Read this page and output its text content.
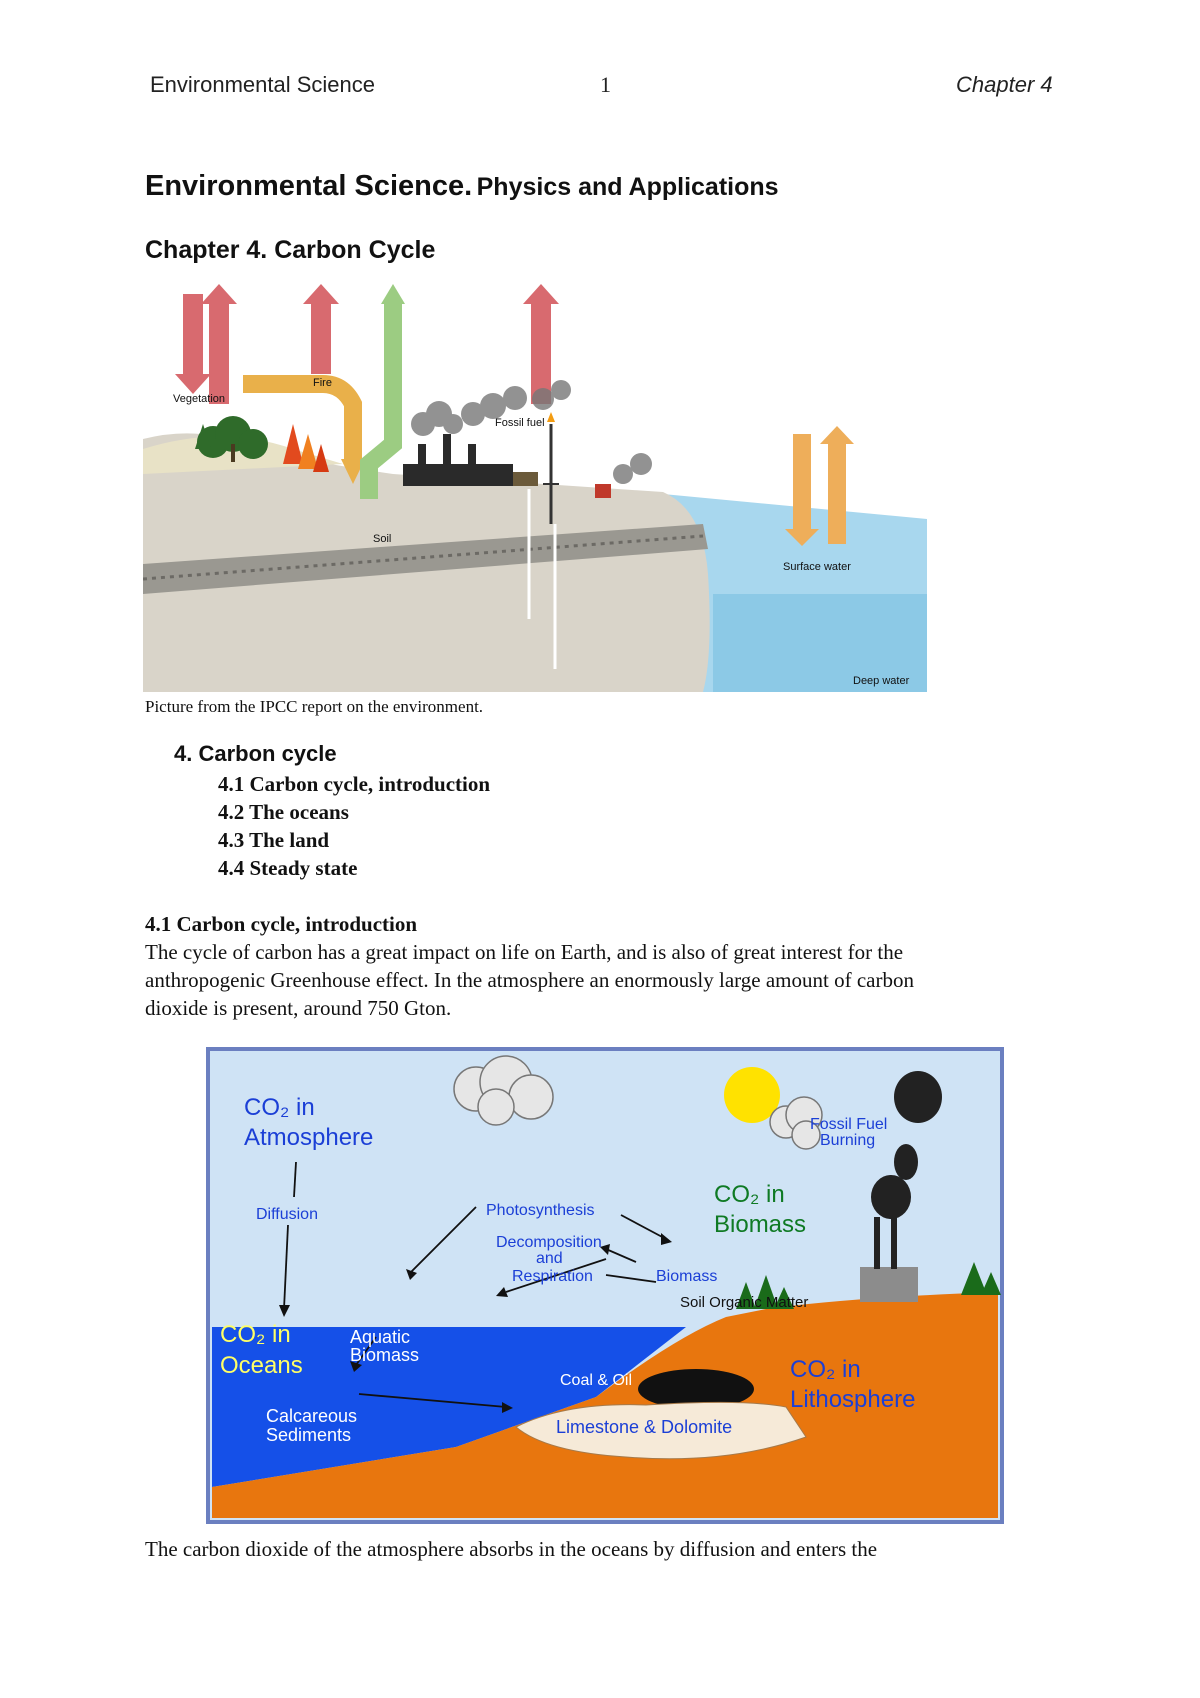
Environmental Science	1	Chapter 4
Environmental Science. Physics and Applications
Chapter 4. Carbon Cycle
Vegetation
Fire
Fossil fuel
Soil
Surface water
Deep water
Picture from the IPCC report on the environment.
4. Carbon cycle
4.1 Carbon cycle, introduction
4.2 The oceans
4.3 The land
4.4 Steady state
4.1 Carbon cycle, introduction
The cycle of carbon has a great impact on life on Earth, and is also of great interest for the
anthropogenic Greenhouse effect. In the atmosphere an enormously large amount of carbon
dioxide is present, around 750 Gton.
CO₂ in
Atmosphere
Diffusion	Photosynthesis
Decomposition
and
Respiration
Fossil Fuel
Burning
Biomass
Coal & Oil
CO₂ in
Biomass
Soil Organic Matter
CO₂ in
Oceans
Aquatic
Biomass
Calcareous
Sediments
CO₂ in
Lithosphere
Limestone & Dolomite
The carbon dioxide of the atmosphere absorbs in the oceans by diffusion and enters the
